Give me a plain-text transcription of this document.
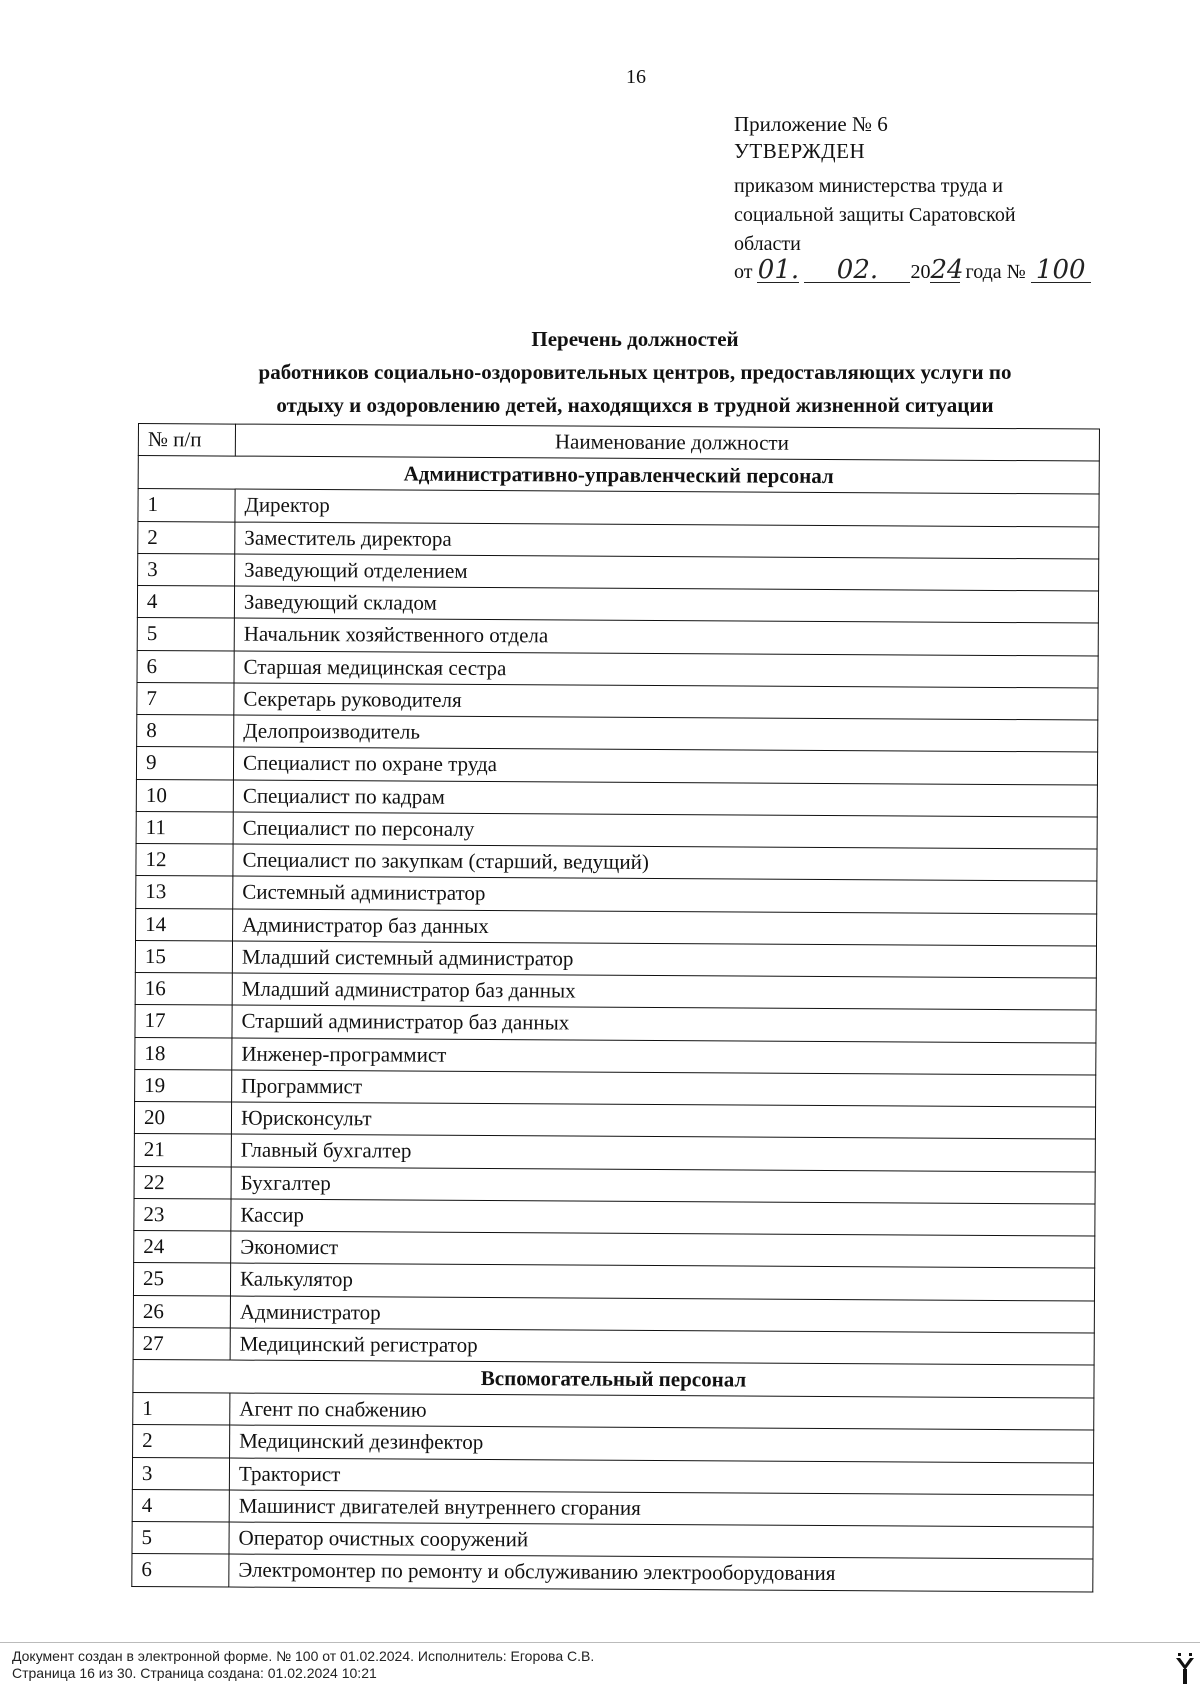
16
Приложение № 6
УТВЕРЖДЕН
приказом министерства труда и социальной защиты Саратовской области
от 01. 02. 2024 года № 100
Перечень должностей
работников социально-оздоровительных центров, предоставляющих услуги по
отдыху и оздоровлению детей, находящихся в трудной жизненной ситуации
№ п/п	Наименование должности
Административно-управленческий персонал	
1	Директор
2	Заместитель директора
3	Заведующий отделением
4	Заведующий складом
5	Начальник хозяйственного отдела
6	Старшая медицинская сестра
7	Секретарь руководителя
8	Делопроизводитель
9	Специалист по охране труда
10	Специалист по кадрам
11	Специалист по персоналу
12	Специалист по закупкам (старший, ведущий)
13	Системный администратор
14	Администратор баз данных
15	Младший системный администратор
16	Младший администратор баз данных
17	Старший администратор баз данных
18	Инженер-программист
19	Программист
20	Юрисконсульт
21	Главный бухгалтер
22	Бухгалтер
23	Кассир
24	Экономист
25	Калькулятор
26	Администратор
27	Медицинский регистратор
Вспомогательный персонал	
1	Агент по снабжению
2	Медицинский дезинфектор
3	Тракторист
4	Машинист двигателей внутреннего сгорания
5	Оператор очистных сооружений
6	Электромонтер по ремонту и обслуживанию электрооборудования
Документ создан в электронной форме. № 100 от 01.02.2024. Исполнитель: Егорова С.В.
Страница 16 из 30. Страница создана: 01.02.2024 10:21
